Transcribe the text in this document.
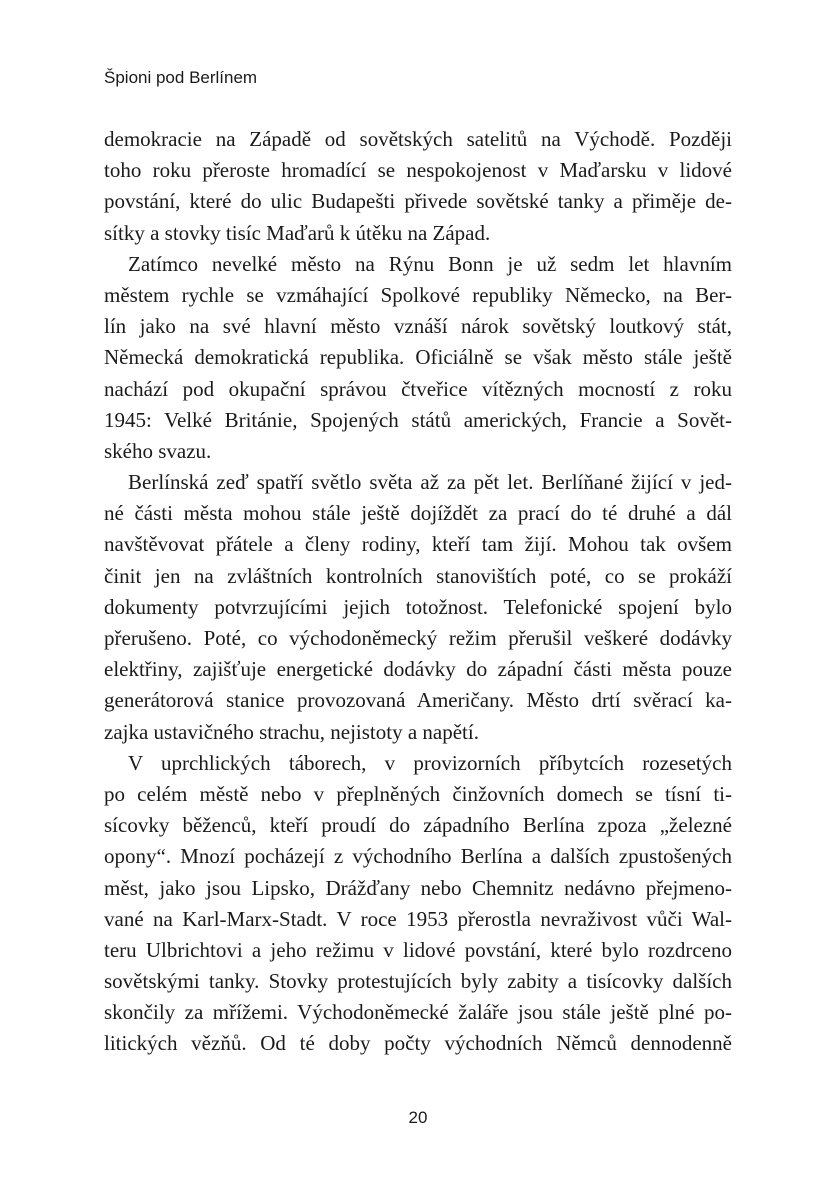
Špioni pod Berlínem
demokracie na Západě od sovětských satelitů na Východě. Později
toho roku přeroste hromadící se nespokojenost v Maďarsku v lidové
povstání, které do ulic Budapešti přivede sovětské tanky a přiměje de-
sítky a stovky tisíc Maďarů k útěku na Západ.
Zatímco nevelké město na Rýnu Bonn je už sedm let hlavním
městem rychle se vzmáhající Spolkové republiky Německo, na Ber-
lín jako na své hlavní město vznáší nárok sovětský loutkový stát,
Německá demokratická republika. Oficiálně se však město stále ještě
nachází pod okupační správou čtveřice vítězných mocností z roku
1945: Velké Británie, Spojených států amerických, Francie a Sovět-
ského svazu.
Berlínská zeď spatří světlo světa až za pět let. Berlíňané žijící v jed-
né části města mohou stále ještě dojíždět za prací do té druhé a dál
navštěvovat přátele a členy rodiny, kteří tam žijí. Mohou tak ovšem
činit jen na zvláštních kontrolních stanovištích poté, co se prokáží
dokumenty potvrzujícími jejich totožnost. Telefonické spojení bylo
přerušeno. Poté, co východoněmecký režim přerušil veškeré dodávky
elektřiny, zajišťuje energetické dodávky do západní části města pouze
generátorová stanice provozovaná Američany. Město drtí svěrací ka-
zajka ustavičného strachu, nejistoty a napětí.
V uprchlických táborech, v provizorních příbytcích rozesetých
po celém městě nebo v přeplněných činžovních domech se tísní ti-
sícovky běženců, kteří proudí do západního Berlína zpoza „železné
opony“. Mnozí pocházejí z východního Berlína a dalších zpustošených
měst, jako jsou Lipsko, Drážďany nebo Chemnitz nedávno přejmeno-
vané na Karl-Marx-Stadt. V roce 1953 přerostla nevraživost vůči Wal-
teru Ulbrichtovi a jeho režimu v lidové povstání, které bylo rozdrceno
sovětskými tanky. Stovky protestujících byly zabity a tisícovky dalších
skončily za mřížemi. Východoněmecké žaláře jsou stále ještě plné po-
litických vězňů. Od té doby počty východních Němců dennodenně
20
